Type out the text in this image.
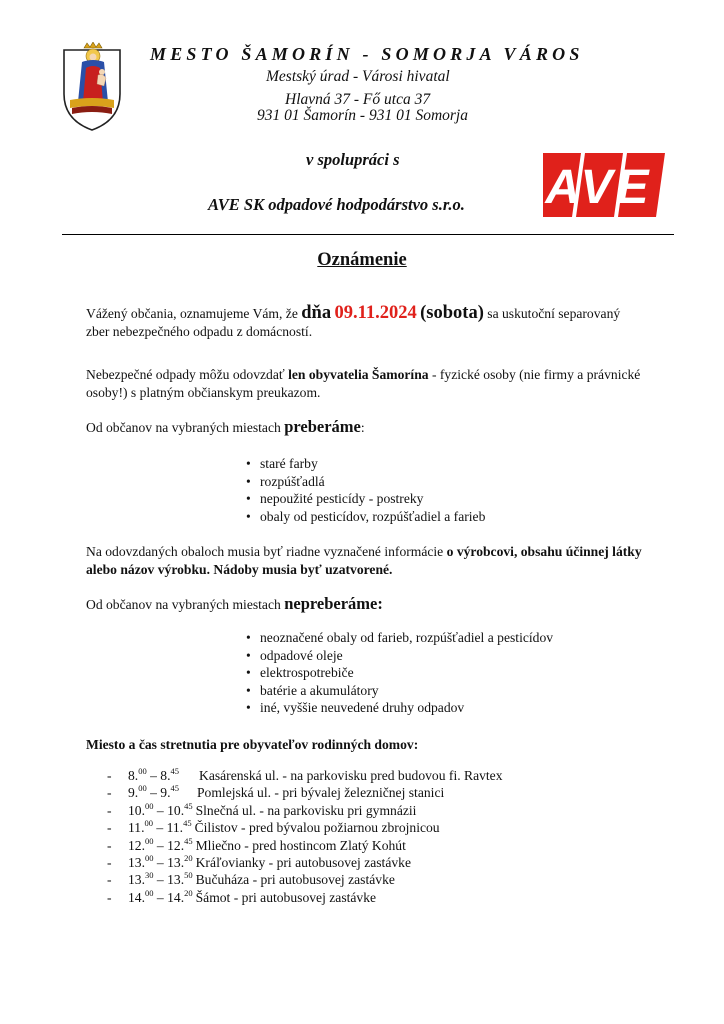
MESTO ŠAMORÍN - SOMORJA VÁROS
Mestský úrad - Városi hivatal
Hlavná 37 - Fő utca 37
931 01 Šamorín - 931 01 Somorja
v spolupráci s
AVE SK odpadové hodpodárstvo s.r.o. AVE
Oznámenie
Vážený občania, oznamujeme Vám, že dňa 09.11.2024 (sobota) sa uskutoční separovaný zber nebezpečného odpadu z domácností.
Nebezpečné odpady môžu odovzdať len obyvatelia Šamorína - fyzické osoby (nie firmy a právnické osoby!) s platným občianskym preukazom.
Od občanov na vybraných miestach preberáme:
• staré farby
• rozpúšťadlá
• nepoužité pesticídy - postreky
• obaly od pesticídov, rozpúšťadiel a farieb
Na odovzdaných obaloch musia byť riadne vyznačené informácie o výrobcovi, obsahu účinnej látky alebo názov výrobku. Nádoby musia byť uzatvorené.
Od občanov na vybraných miestach nepreberáme:
• neoznačené obaly od farieb, rozpúšťadiel a pesticídov
• odpadové oleje
• elektrospotrebiče
• batérie a akumulátory
• iné, vyššie neuvedené druhy odpadov
Miesto a čas stretnutia pre obyvateľov rodinných domov:
- 8.00 – 8.45 Kasárenská ul. - na parkovisku pred budovou fi. Ravtex
- 9.00 – 9.45 Pomlejská ul. - pri bývalej železničnej stanici
- 10.00 – 10.45 Slnečná ul. - na parkovisku pri gymnázii
- 11.00 – 11.45 Čilistov - pred bývalou požiarnou zbrojnicou
- 12.00 – 12.45 Mliečno - pred hostincom Zlatý Kohút
- 13.00 – 13.20 Kráľovianky - pri autobusovej zastávke
- 13.30 – 13.50 Bučuháza - pri autobusovej zastávke
- 14.00 – 14.20 Šámot - pri autobusovej zastávke
